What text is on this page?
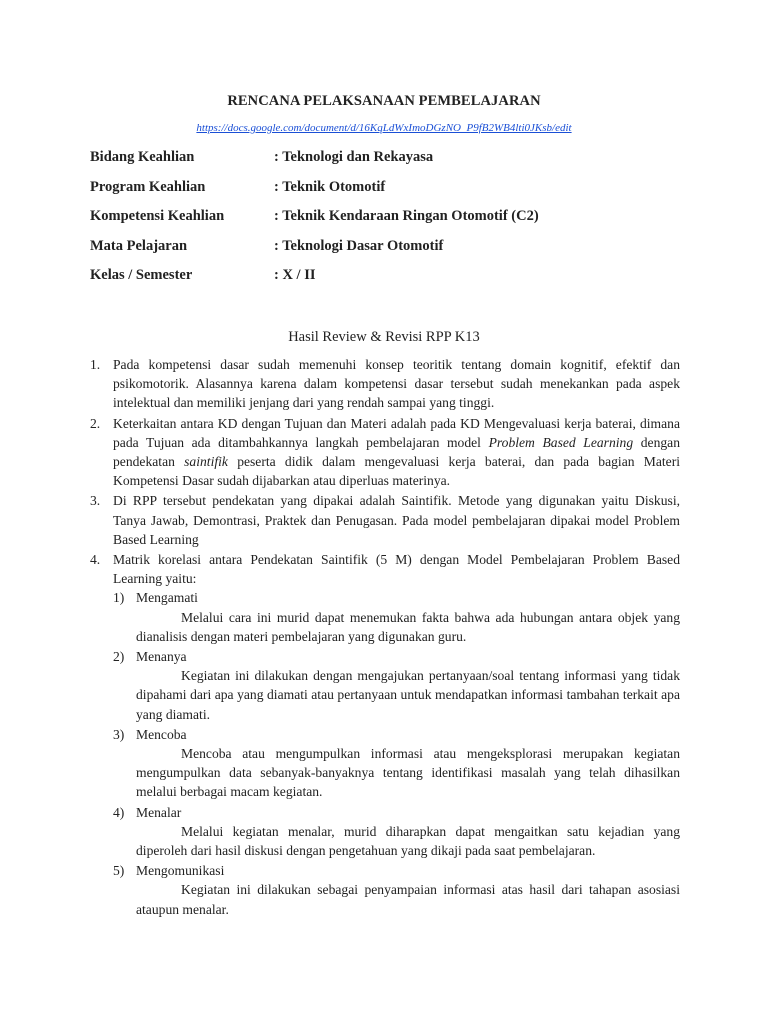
RENCANA PELAKSANAAN PEMBELAJARAN
https://docs.google.com/document/d/16KqLdWxImoDGzNO_P9fB2WB4lti0JKsb/edit
Bidang Keahlian	: Teknologi dan Rekayasa
Program Keahlian	: Teknik Otomotif
Kompetensi Keahlian	: Teknik Kendaraan Ringan Otomotif (C2)
Mata Pelajaran	: Teknologi Dasar Otomotif
Kelas / Semester	: X / II
Hasil Review & Revisi RPP K13
1. Pada kompetensi dasar sudah memenuhi konsep teoritik tentang domain kognitif, efektif dan psikomotorik. Alasannya karena dalam kompetensi dasar tersebut sudah menekankan pada aspek intelektual dan memiliki jenjang dari yang rendah sampai yang tinggi.
2. Keterkaitan antara KD dengan Tujuan dan Materi adalah pada KD Mengevaluasi kerja baterai, dimana pada Tujuan ada ditambahkannya langkah pembelajaran model Problem Based Learning dengan pendekatan saintifik peserta didik dalam mengevaluasi kerja baterai, dan pada bagian Materi Kompetensi Dasar sudah dijabarkan atau diperluas materinya.
3. Di RPP tersebut pendekatan yang dipakai adalah Saintifik. Metode yang digunakan yaitu Diskusi, Tanya Jawab, Demontrasi, Praktek dan Penugasan. Pada model pembelajaran dipakai model Problem Based Learning
4. Matrik korelasi antara Pendekatan Saintifik (5 M) dengan Model Pembelajaran Problem Based Learning yaitu:
1) Mengamati
Melalui cara ini murid dapat menemukan fakta bahwa ada hubungan antara objek yang dianalisis dengan materi pembelajaran yang digunakan guru.
2) Menanya
Kegiatan ini dilakukan dengan mengajukan pertanyaan/soal tentang informasi yang tidak dipahami dari apa yang diamati atau pertanyaan untuk mendapatkan informasi tambahan terkait apa yang diamati.
3) Mencoba
Mencoba atau mengumpulkan informasi atau mengeksplorasi merupakan kegiatan mengumpulkan data sebanyak-banyaknya tentang identifikasi masalah yang telah dihasilkan melalui berbagai macam kegiatan.
4) Menalar
Melalui kegiatan menalar, murid diharapkan dapat mengaitkan satu kejadian yang diperoleh dari hasil diskusi dengan pengetahuan yang dikaji pada saat pembelajaran.
5) Mengomunikasi
Kegiatan ini dilakukan sebagai penyampaian informasi atas hasil dari tahapan asosiasi ataupun menalar.
